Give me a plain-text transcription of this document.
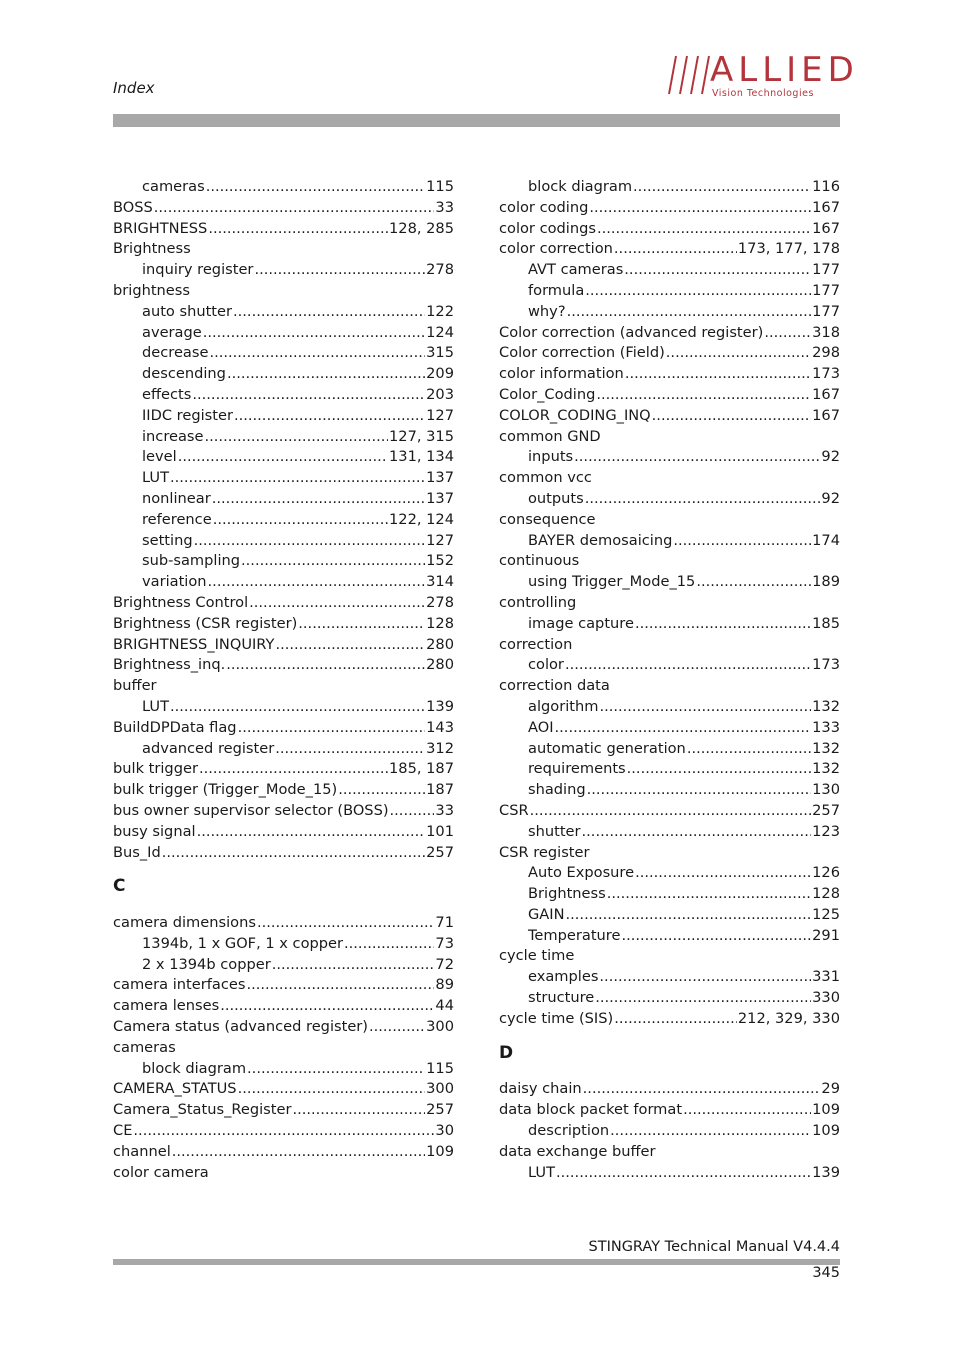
Index	ALLIED
Vision Technologies
cameras .....	115
BOSS .....	33
BRIGHTNESS .....	128, 285
Brightness
inquiry register .....	278
brightness
auto shutter .....	122
average .....	124
decrease .....	315
descending .....	209
effects .....	203
IIDC register .....	127
increase .....	127, 315
level .....	131, 134
LUT .....	137
nonlinear .....	137
reference .....	122, 124
setting .....	127
sub-sampling .....	152
variation .....	314
Brightness Control .....	278
Brightness (CSR register) .....	128
BRIGHTNESS_INQUIRY .....	280
Brightness_inq. .....	280
buffer
LUT .....	139
BuildDPData flag .....	143
advanced register .....	312
bulk trigger .....	185, 187
bulk trigger (Trigger_Mode_15) .....	187
bus owner supervisor selector (BOSS) .....	33
busy signal .....	101
Bus_Id .....	257
C
camera dimensions .....	71
1394b, 1 x GOF, 1 x copper .....	73
2 x 1394b copper .....	72
camera interfaces .....	89
camera lenses .....	44
Camera status (advanced register) .....	300
cameras
block diagram .....	115
CAMERA_STATUS .....	300
Camera_Status_Register .....	257
CE .....	30
channel .....	109
color camera
block diagram .....	116
color coding .....	167
color codings .....	167
color correction .....	173, 177, 178
AVT cameras .....	177
formula .....	177
why? .....	177
Color correction (advanced register) .....	318
Color correction (Field) .....	298
color information .....	173
Color_Coding .....	167
COLOR_CODING_INQ .....	167
common GND
inputs .....	92
common vcc
outputs .....	92
consequence
BAYER demosaicing .....	174
continuous
using Trigger_Mode_15 .....	189
controlling
image capture .....	185
correction
color .....	173
correction data
algorithm .....	132
AOI .....	133
automatic generation .....	132
requirements .....	132
shading .....	130
CSR .....	257
shutter .....	123
CSR register
Auto Exposure .....	126
Brightness .....	128
GAIN .....	125
Temperature .....	291
cycle time
examples .....	331
structure .....	330
cycle time (SIS) .....	212, 329, 330
D
daisy chain .....	29
data block packet format .....	109
description .....	109
data exchange buffer
LUT .....	139
STINGRAY Technical Manual V4.4.4
345
